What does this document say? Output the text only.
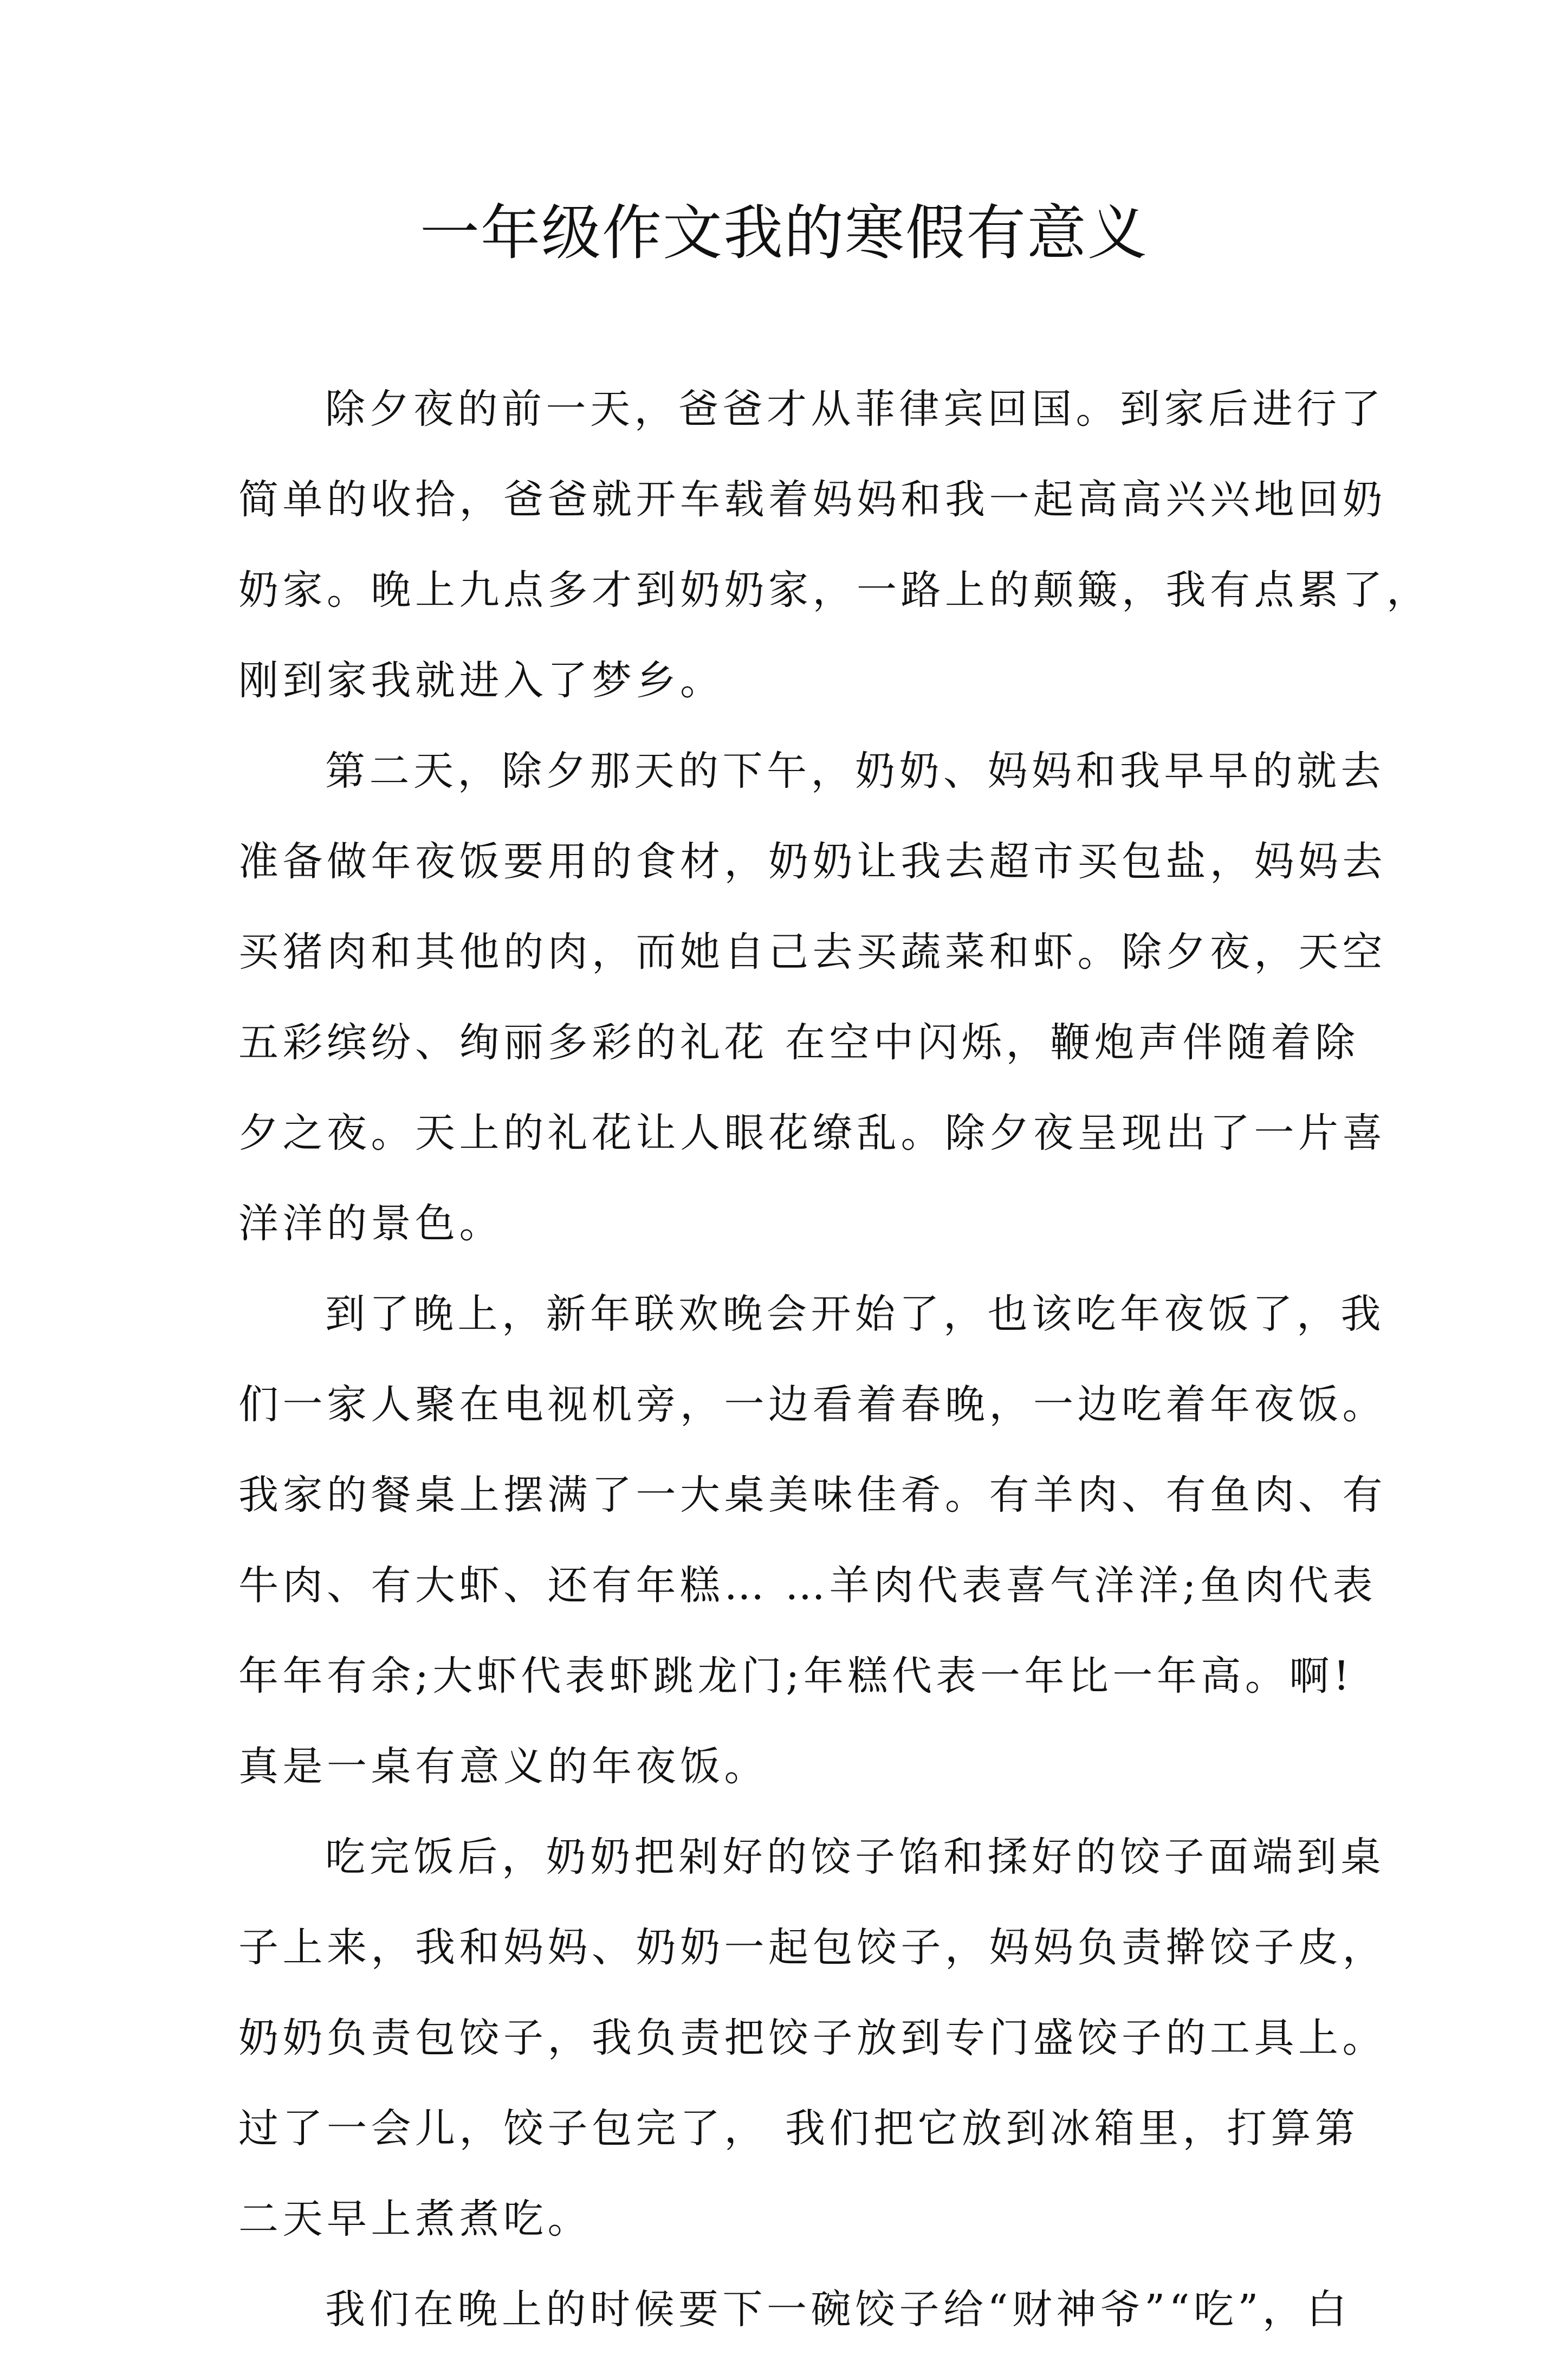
一年级作文我的寒假有意义
除夕夜的前一天，爸爸才从菲律宾回国。到家后进行了
简单的收拾，爸爸就开车载着妈妈和我一起高高兴兴地回奶
奶家。晚上九点多才到奶奶家，一路上的颠簸，我有点累了，
刚到家我就进入了梦乡。
第二天，除夕那天的下午，奶奶、妈妈和我早早的就去
准备做年夜饭要用的食材，奶奶让我去超市买包盐，妈妈去
买猪肉和其他的肉，而她自己去买蔬菜和虾。除夕夜，天空
五彩缤纷、绚丽多彩的礼花 在空中闪烁，鞭炮声伴随着除
夕之夜。天上的礼花让人眼花缭乱。除夕夜呈现出了一片喜
洋洋的景色。
到了晚上，新年联欢晚会开始了，也该吃年夜饭了，我
们一家人聚在电视机旁，一边看着春晚，一边吃着年夜饭。
我家的餐桌上摆满了一大桌美味佳肴。有羊肉、有鱼肉、有
牛肉、有大虾、还有年糕… …羊肉代表喜气洋洋;鱼肉代表
年年有余;大虾代表虾跳龙门;年糕代表一年比一年高。啊!
真是一桌有意义的年夜饭。
吃完饭后，奶奶把剁好的饺子馅和揉好的饺子面端到桌
子上来，我和妈妈、奶奶一起包饺子，妈妈负责擀饺子皮，
奶奶负责包饺子，我负责把饺子放到专门盛饺子的工具上。
过了一会儿，饺子包完了， 我们把它放到冰箱里，打算第
二天早上煮煮吃。
我们在晚上的时候要下一碗饺子给“财神爷”“吃”，白
